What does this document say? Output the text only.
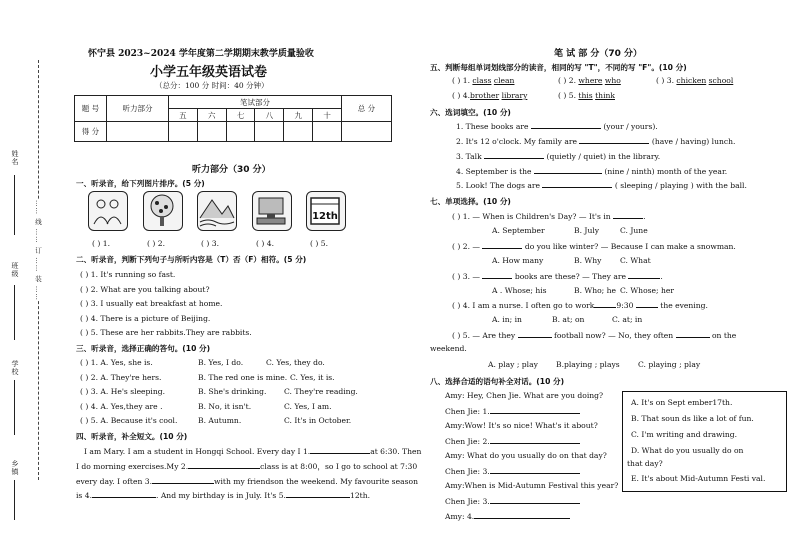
姓名
班级
学校
乡镇
…… 线 …… 订 …… 装 ……
怀宁县 2023~2024 学年度第二学期期末教学质量验收
小学五年级英语试卷
（总分：100 分 时间：40 分钟）
题 号	听力部分	笔试部分						总 分
		五	六	七	八	九	十	
得 分								
听力部分（30 分）
一、听录音，给下列图片排序。(5 分)
12th
( ) 1.	( ) 2.	( ) 3.	( ) 4.	( ) 5.
二、听录音，判断下列句子与所听内容是（T）否（F）相符。(5 分)
( ) 1. It's running so fast.
( ) 2. What are you talking about?
( ) 3. I usually eat breakfast at home.
( ) 4. There is a picture of Beijing.
( ) 5. These are her rabbits.They are rabbits.
三、听录音，选择正确的答句。(10 分)
( ) 1. A. Yes, she is.	B. Yes, I do.	C. Yes, they do.
( ) 2. A. They're hers.	B. The red one is mine. C. Yes, it is.
( ) 3. A. He's sleeping.	B. She's drinking. C. They're reading.
( ) 4. A. Yes,they are .	B. No, it isn't.	C. Yes, I am.
( ) 5. A. Because it's cool.	B. Autumn.	C. It's in October.
四、听录音，补全短文。(10 分)
I am Mary. I am a student in Hongqi School. Every day I 1.	at 6:30. Then
I do morning exercises.My 2.	class is at 8:00，so I go to school at 7:30
every day. I often 3.	with my friendson the weekend. My favourite season
is 4.	. And my birthday is in July. It's 5.	12th.
笔 试 部 分（70 分）
五、判断每组单词划线部分的读音，相同的写 "T"，不同的写 "F"。(10 分)
( ) 1. class clean	( ) 2. where who	( ) 3. chicken school
( ) 4.brother library	( ) 5. this think
六、选词填空。(10 分)
1. These books are	(your / yours).
2. It's 12 o'clock. My family are	(have / having) lunch.
3. Talk	(quietly / quiet) in the library.
4. September is the	(nine / ninth) month of the year.
5. Look! The dogs are	( sleeping / playing ) with the ball.
七、单项选择。(10 分)
( ) 1. — When is Children's Day? — It's in	.
A. September	B. July	C. June
( ) 2. —	do you like winter? — Because I can make a snowman.
A. How many	B. Why C. What
( ) 3. —	books are these? — They are	.
A . Whose; his	B. Who; he C. Whose; her
( ) 4. I am a nurse. I often go to work	9:30	the evening.
A. in; in	B. at; on	C. at; in
( ) 5. — Are they	football now? — No, they often	on the
weekend.
A. play ; play B.playing ; plays C. playing ; play
八、选择合适的语句补全对话。(10 分)
Amy: Hey, Chen Jie. What are you doing?
Chen Jie: 1.
Amy:Wow! It's so nice! What's it about?
Chen Jie: 2.
Amy: What do you usually do on that day?
Chen Jie: 3.
Amy:When is Mid-Autumn Festival this year?
Chen Jie: 3.
Amy: 4.
A. It's on Sept ember17th.
B. That soun ds like a lot of fun.
C. I'm writing and drawing.
D. What do you usually do on
that day?
E. It's about Mid-Autumn Festi val.
